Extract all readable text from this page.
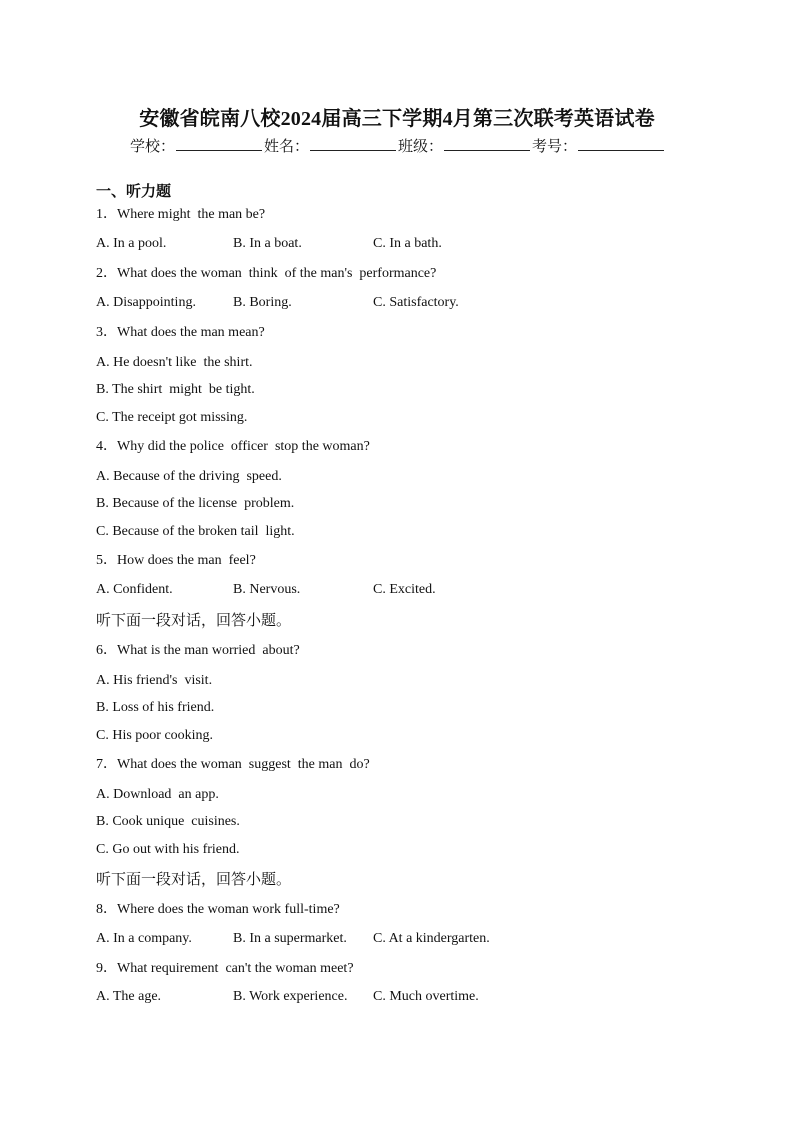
安徽省皖南八校2024届高三下学期4月第三次联考英语试卷
学校：	姓名：	班级：	考号：
一、听力题
1．Where might  the man be?
A. In a pool.	B. In a boat.	C. In a bath.
2．What does the woman  think  of the man's  performance?
A. Disappointing.	B. Boring.	C. Satisfactory.
3．What does the man mean?
A. He doesn't like  the shirt.
B. The shirt  might  be tight.
C. The receipt got missing.
4．Why did the police  officer  stop the woman?
A. Because of the driving  speed.
B. Because of the license  problem.
C. Because of the broken tail  light.
5．How does the man  feel?
A. Confident.	B. Nervous.	C. Excited.
听下面一段对话，回答小题。
6．What is the man worried  about?
A. His friend's  visit.
B. Loss of his friend.
C. His poor cooking.
7．What does the woman  suggest  the man  do?
A. Download  an app.
B. Cook unique  cuisines.
C. Go out with his friend.
听下面一段对话，回答小题。
8．Where does the woman work full-time?
A. In a company.	B. In a supermarket. C. At a kindergarten.
9．What requirement  can't the woman meet?
A. The age.	B. Work experience. C. Much overtime.
